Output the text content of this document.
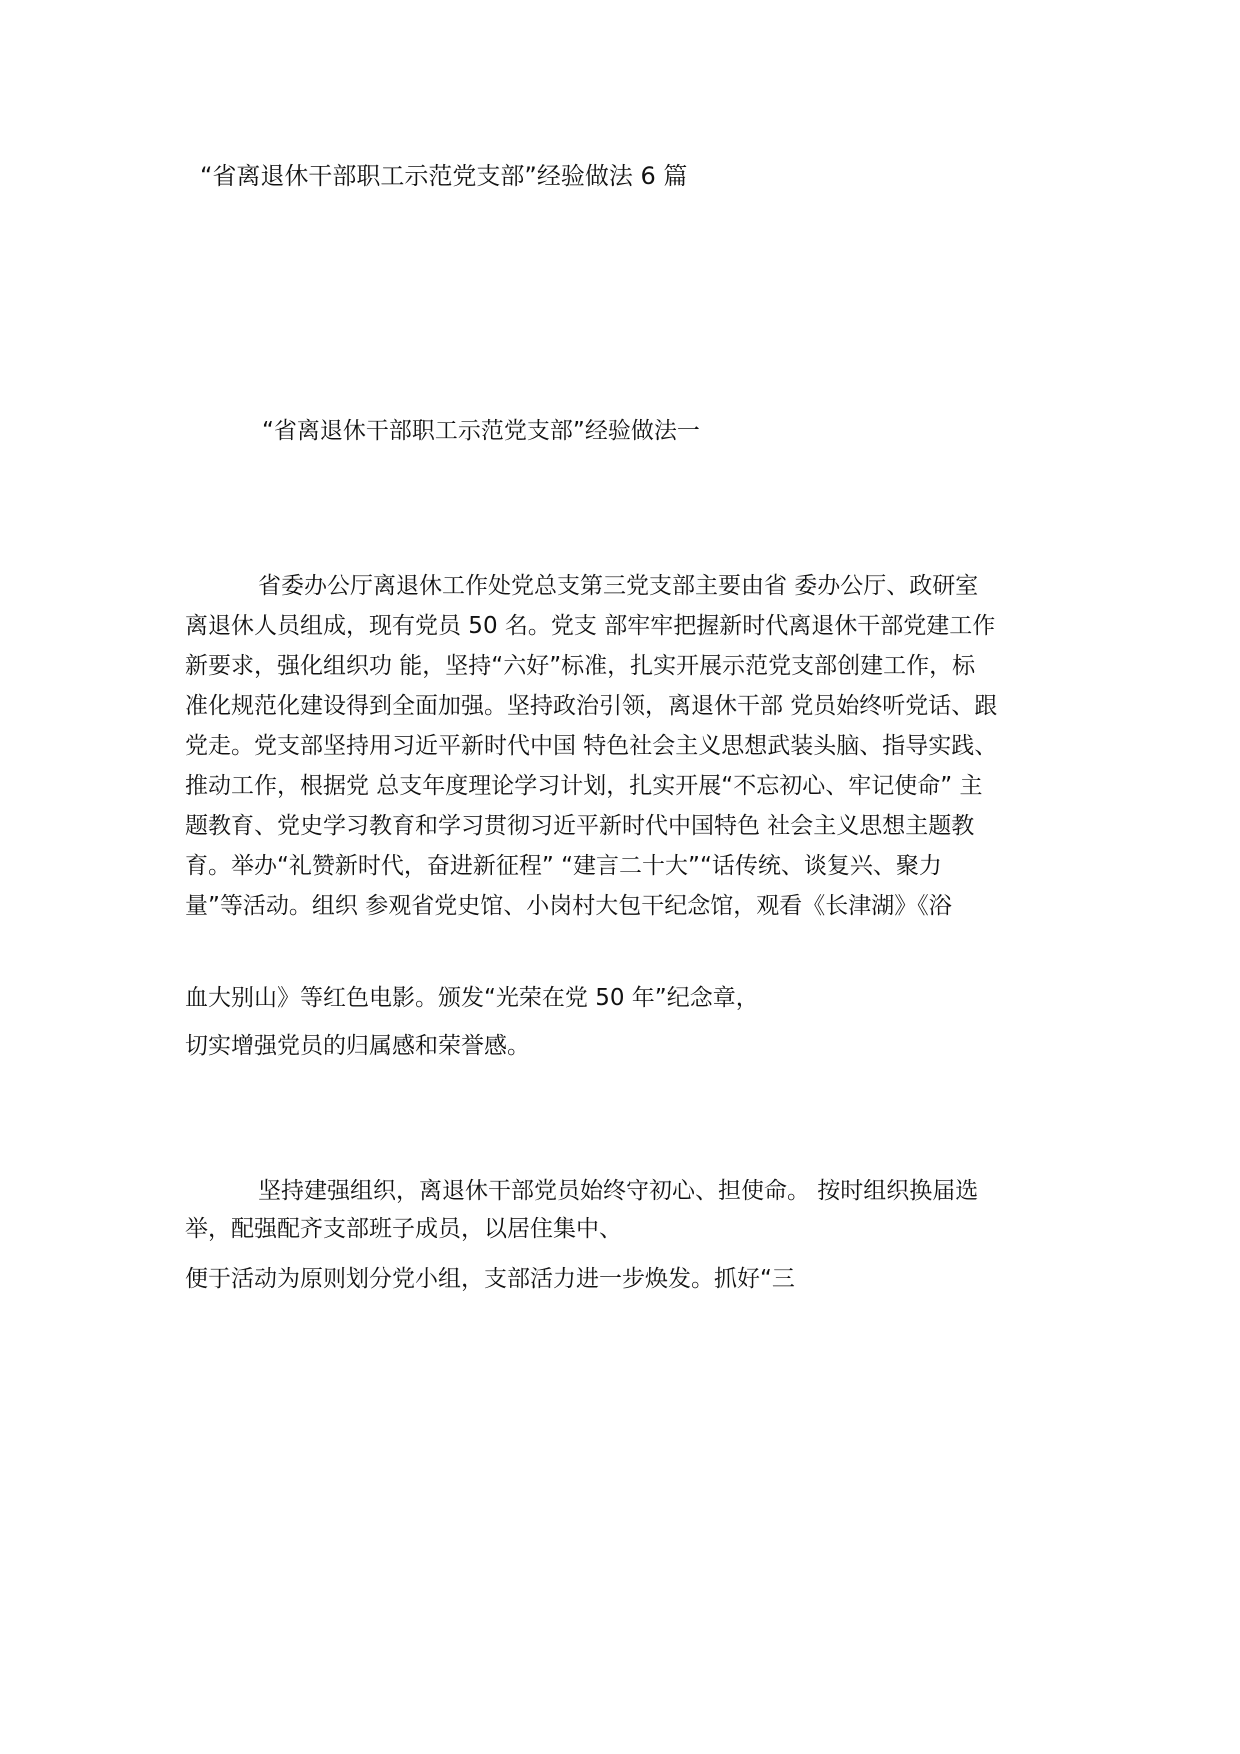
“省离退休干部职工示范党支部”经验做法 6 篇
“省离退休干部职工示范党支部”经验做法一
省委办公厅离退休工作处党总支第三党支部主要由省 委办公厅、政研室
离退休人员组成，现有党员 50 名。党支 部牢牢把握新时代离退休干部党建工作
新要求，强化组织功 能，坚持“六好”标准，扎实开展示范党支部创建工作，标
准化规范化建设得到全面加强。坚持政治引领，离退休干部 党员始终听党话、跟
党走。党支部坚持用习近平新时代中国 特色社会主义思想武装头脑、指导实践、
推动工作，根据党 总支年度理论学习计划，扎实开展“不忘初心、牢记使命” 主
题教育、党史学习教育和学习贯彻习近平新时代中国特色 社会主义思想主题教
育。举办“礼赞新时代，奋进新征程” “建言二十大”“话传统、谈复兴、聚力
量”等活动。组织 参观省党史馆、小岗村大包干纪念馆，观看《长津湖》《浴
血大别山》等红色电影。颁发“光荣在党 50 年”纪念章，
切实增强党员的归属感和荣誉感。
坚持建强组织，离退休干部党员始终守初心、担使命。 按时组织换届选
举，配强配齐支部班子成员，以居住集中、
便于活动为原则划分党小组，支部活力进一步焕发。抓好“三
